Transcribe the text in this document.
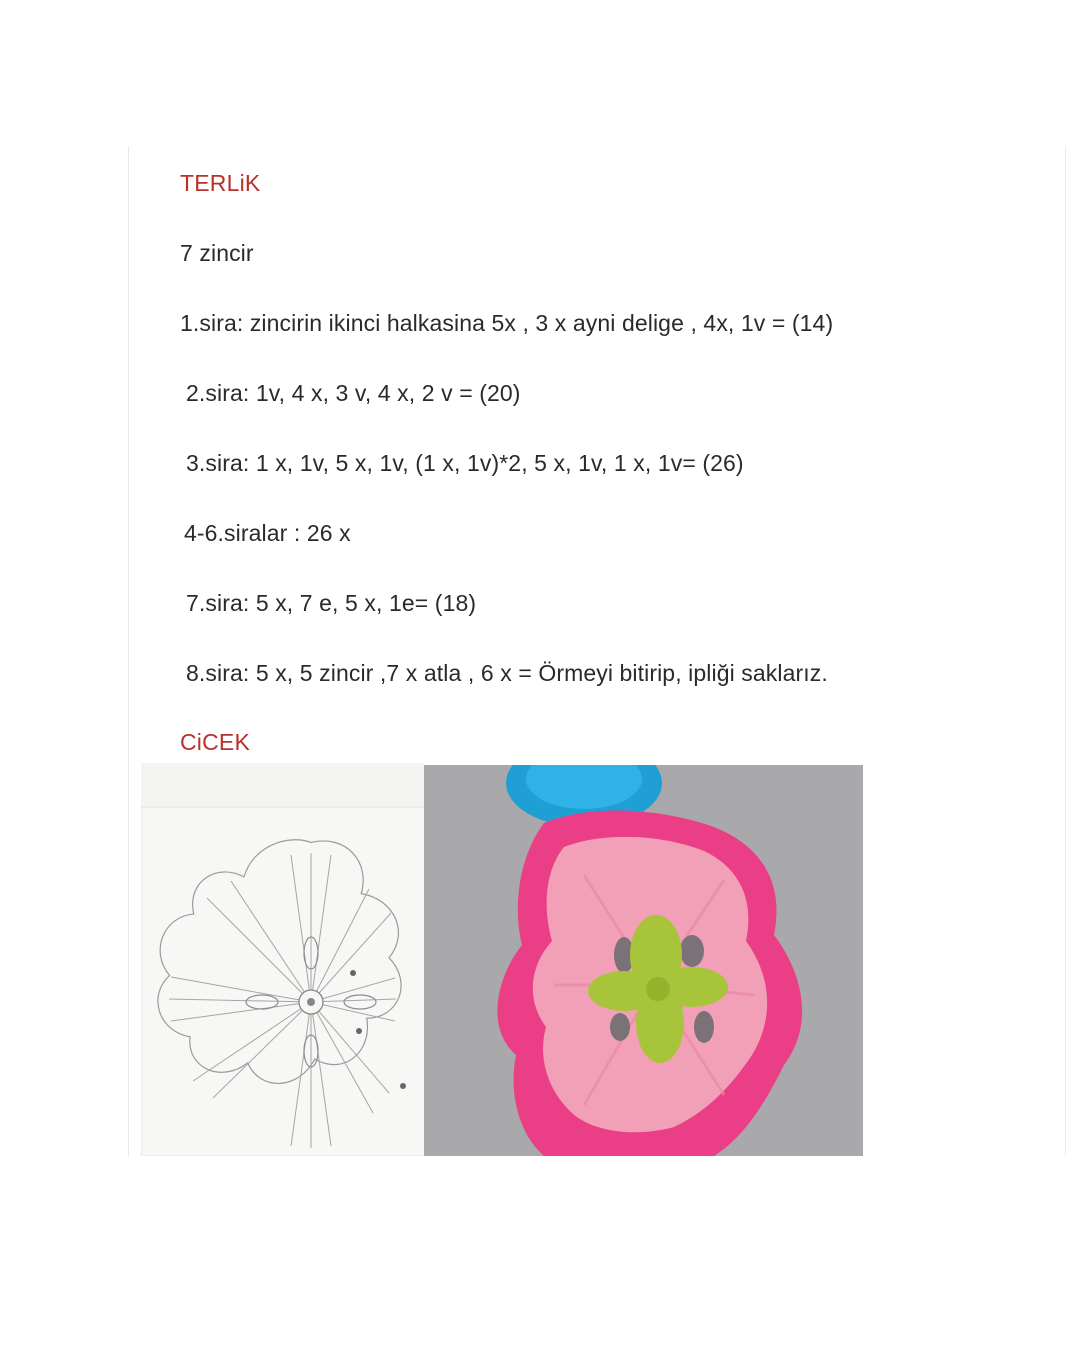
TERLiK
7 zincir
1.sira: zincirin ikinci halkasina 5x , 3 x ayni delige , 4x, 1v = (14)
2.sira: 1v, 4 x, 3 v, 4 x, 2 v = (20)
3.sira: 1 x, 1v, 5 x, 1v, (1 x, 1v)*2, 5 x, 1v, 1 x, 1v= (26)
4-6.siralar : 26 x
7.sira: 5 x, 7 e, 5 x, 1e= (18)
8.sira: 5 x, 5 zincir ,7 x atla , 6 x = Örmeyi bitirip, ipliği saklarız.
CiCEK
